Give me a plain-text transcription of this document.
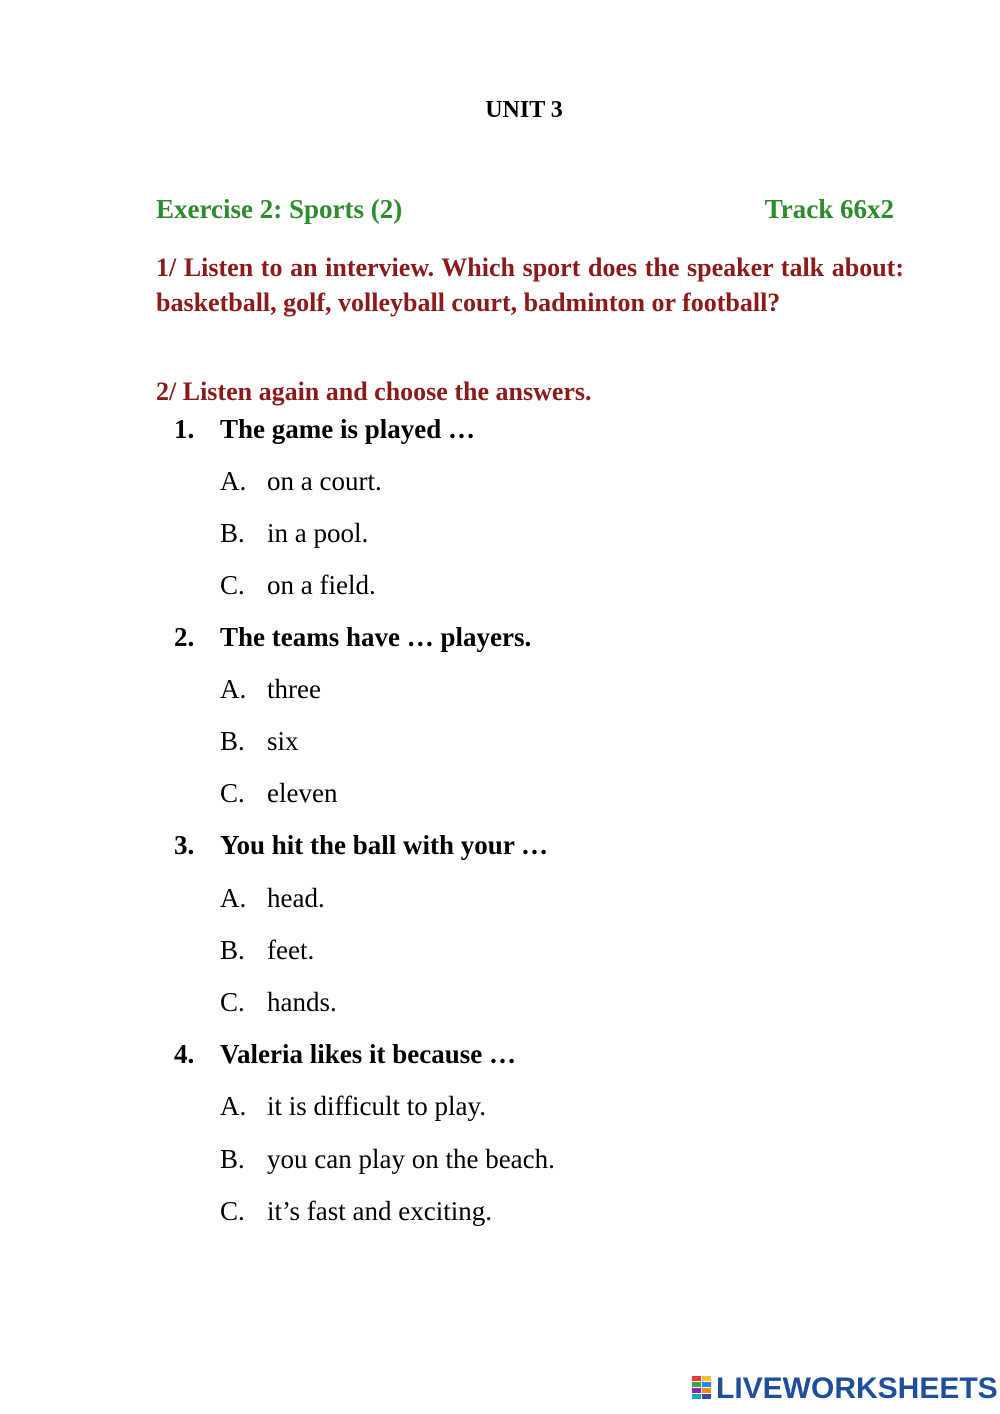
UNIT 3
Exercise 2: Sports (2)	Track 66x2
1/ Listen to an interview. Which sport does the speaker talk about: basketball, golf, volleyball court, badminton or football?
2/ Listen again and choose the answers.
1. The game is played …
A. on a court.
B. in a pool.
C. on a field.
2. The teams have … players.
A. three
B. six
C. eleven
3. You hit the ball with your …
A. head.
B. feet.
C. hands.
4. Valeria likes it because …
A. it is difficult to play.
B. you can play on the beach.
C. it’s fast and exciting.
LIVEWORKSHEETS
